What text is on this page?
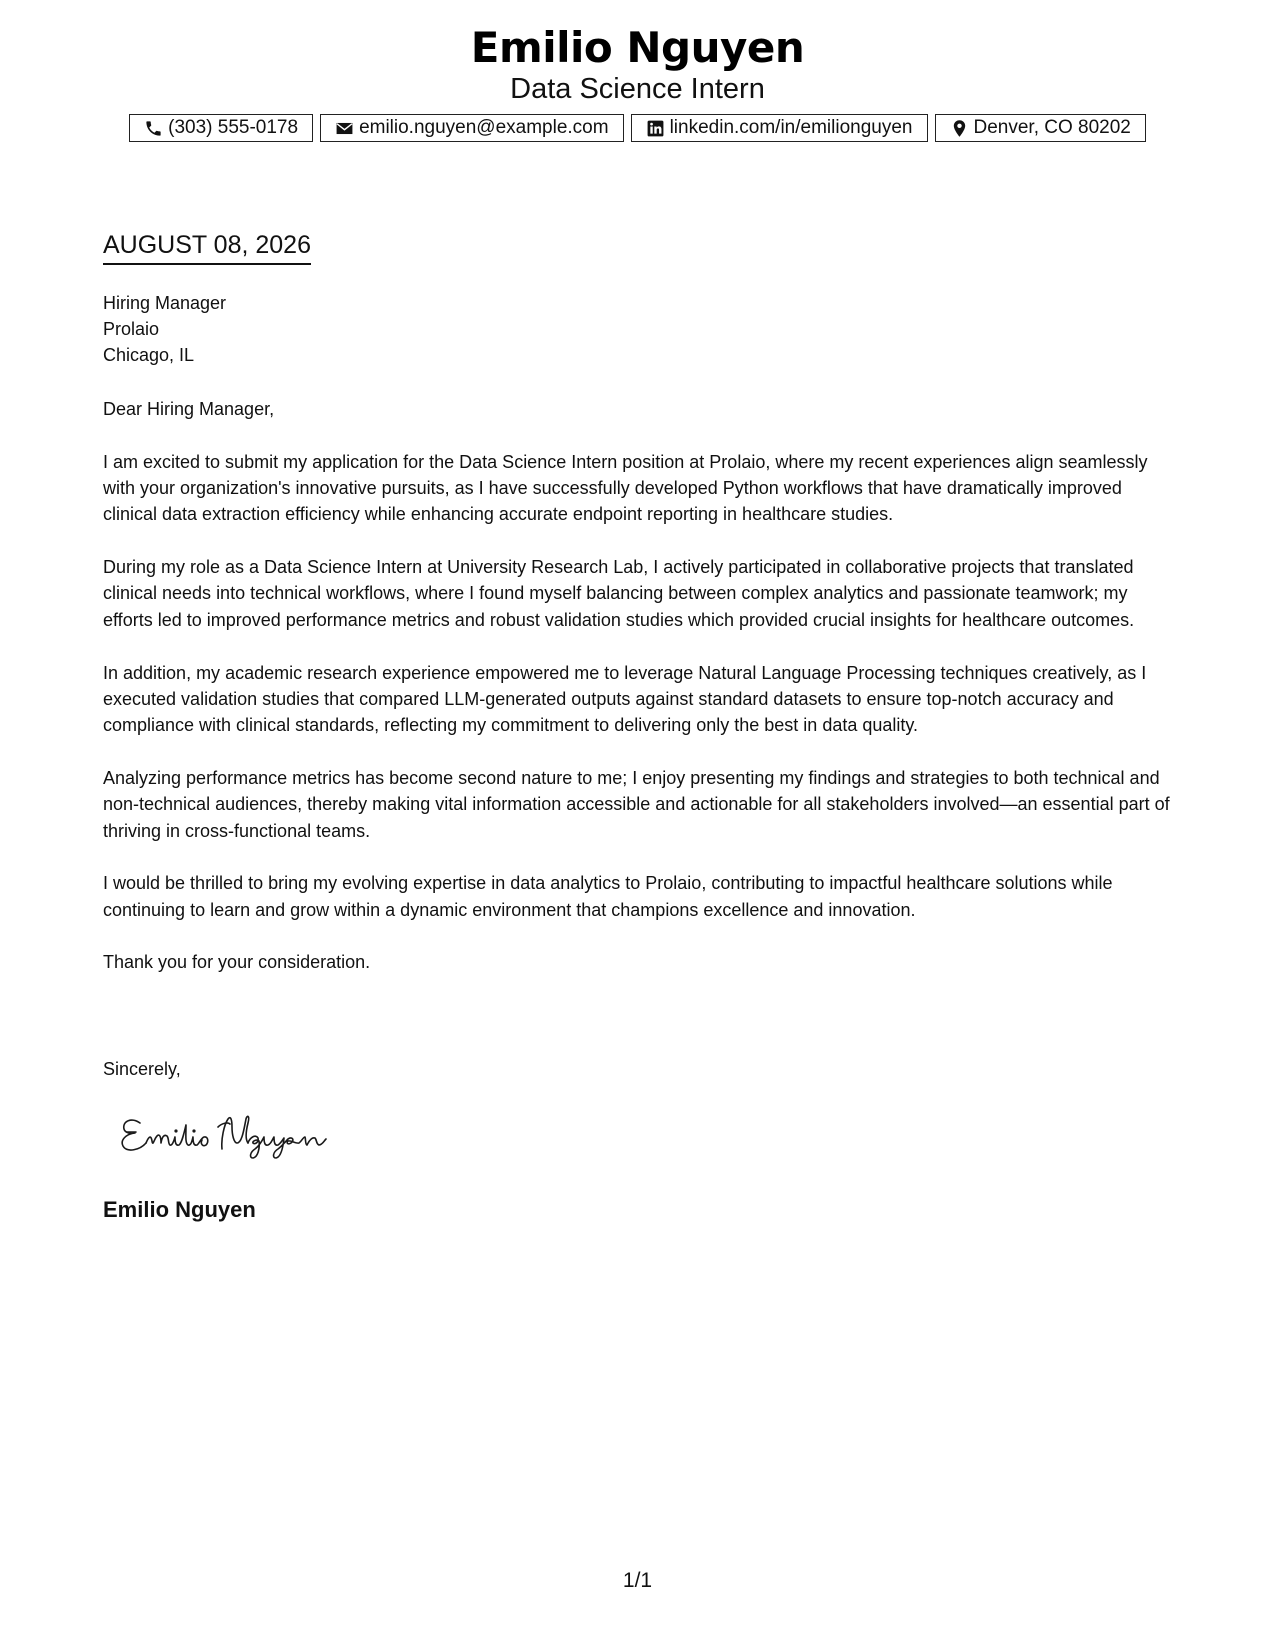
Emilio Nguyen
Data Science Intern
(303) 555-0178	emilio.nguyen@example.com	linkedin.com/in/emilionguyen	Denver, CO 80202
AUGUST 08, 2026
Hiring Manager
Prolaio
Chicago, IL

Dear Hiring Manager,

I am excited to submit my application for the Data Science Intern position at Prolaio, where my recent experiences align seamlessly with your organization's innovative pursuits, as I have successfully developed Python workflows that have dramatically improved clinical data extraction efficiency while enhancing accurate endpoint reporting in healthcare studies.

During my role as a Data Science Intern at University Research Lab, I actively participated in collaborative projects that translated clinical needs into technical workflows, where I found myself balancing between complex analytics and passionate teamwork; my efforts led to improved performance metrics and robust validation studies which provided crucial insights for healthcare outcomes.

In addition, my academic research experience empowered me to leverage Natural Language Processing techniques creatively, as I executed validation studies that compared LLM-generated outputs against standard datasets to ensure top-notch accuracy and compliance with clinical standards, reflecting my commitment to delivering only the best in data quality.

Analyzing performance metrics has become second nature to me; I enjoy presenting my findings and strategies to both technical and non-technical audiences, thereby making vital information accessible and actionable for all stakeholders involved—an essential part of thriving in cross-functional teams.

I would be thrilled to bring my evolving expertise in data analytics to Prolaio, contributing to impactful healthcare solutions while continuing to learn and grow within a dynamic environment that champions excellence and innovation.

Thank you for your consideration.

Sincerely,
Emilio Nguyen
1/1
